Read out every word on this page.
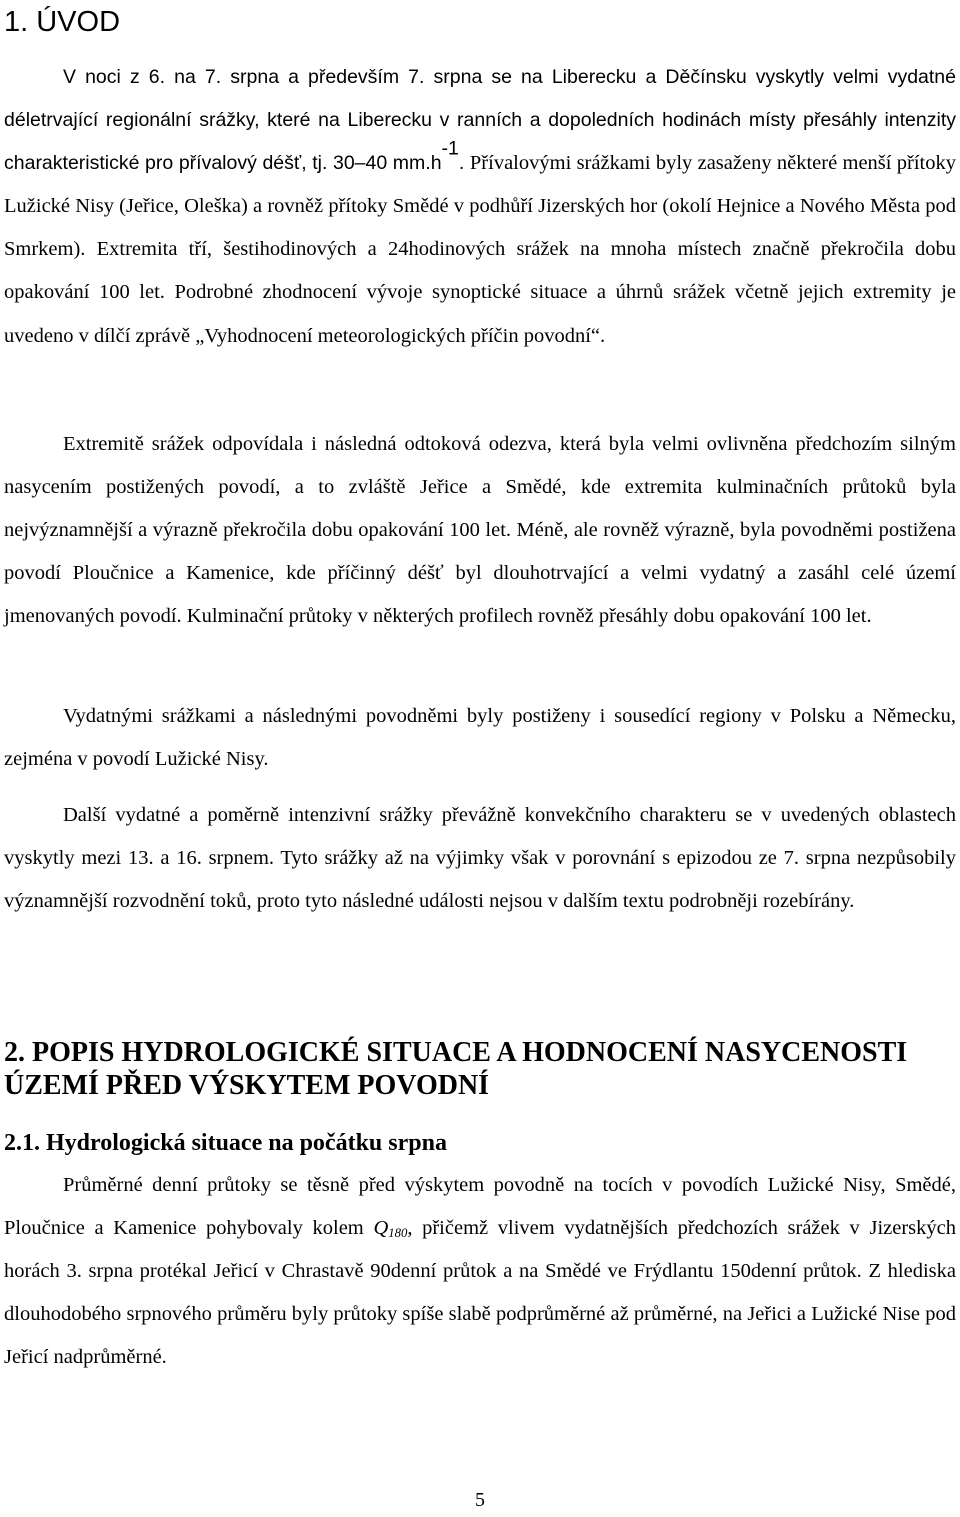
1. ÚVOD

V noci z 6. na 7. srpna a především 7. srpna se na Liberecku a Děčínsku vyskytly velmi vydatné déletrvající regionální srážky, které na Liberecku v ranních a dopoledních hodinách místy přesáhly intenzity charakteristické pro přívalový déšť, tj. 30–40 $mm.h^{-1}$. Přívalovými srážkami byly zasaženy některé menší přítoky Lužické Nisy (Jeřice, Oleška) a rovněž přítoky Smědé v podhůří Jizerských hor (okolí Hejnice a Nového Města pod Smrkem). Extremita tří, šestihodinových a 24hodinových srážek na mnoha místech značně překročila dobu opakování 100 let. Podrobné zhodnocení vývoje synoptické situace a úhrnů srážek včetně jejich extremity je uvedeno v dílčí zprávě „Vyhodnocení meteorologických příčin povodní“.

Extremitě srážek odpovídala i následná odtoková odezva, která byla velmi ovlivněna předchozím silným nasycením postižených povodí, a to zvláště Jeřice a Smědé, kde extremita kulminačních průtoků byla nejvýznamnější a výrazně překročila dobu opakování 100 let. Méně, ale rovněž výrazně, byla povodněmi postižena povodí Ploučnice a Kamenice, kde příčinný déšť byl dlouhotrvající a velmi vydatný a zasáhl celé území jmenovaných povodí. Kulminační průtoky v některých profilech rovněž přesáhly dobu opakování 100 let.

Vydatnými srážkami a následnými povodněmi byly postiženy i sousedící regiony v Polsku a Německu, zejména v povodí Lužické Nisy.

Další vydatné a poměrně intenzivní srážky převážně konvekčního charakteru se v uvedených oblastech vyskytly mezi 13. a 16. srpnem. Tyto srážky až na výjimky však v porovnání s epizodou ze 7. srpna nezpůsobily významnější rozvodnění toků, proto tyto následné události nejsou v dalším textu podrobněji rozebírány.

2. POPIS HYDROLOGICKÉ SITUACE A HODNOCENÍ NASYCENOSTI ÚZEMÍ PŘED VÝSKYTEM POVODNÍ
2.1. Hydrologická situace na počátku srpna

Průměrné denní průtoky se těsně před výskytem povodně na tocích v povodích Lužické Nisy, Smědé, Ploučnice a Kamenice pohybovaly kolem $Q_{180}$, přičemž vlivem vydatnějších předchozích srážek v Jizerských horách 3. srpna protékal Jeřicí v Chrastavě 90denní průtok a na Smědé ve Frýdlantu 150denní průtok. Z hlediska dlouhodobého srpnového průměru byly průtoky spíše slabě podprůměrné až průměrné, na Jeřici a Lužické Nise pod Jeřicí nadprůměrné.

5
